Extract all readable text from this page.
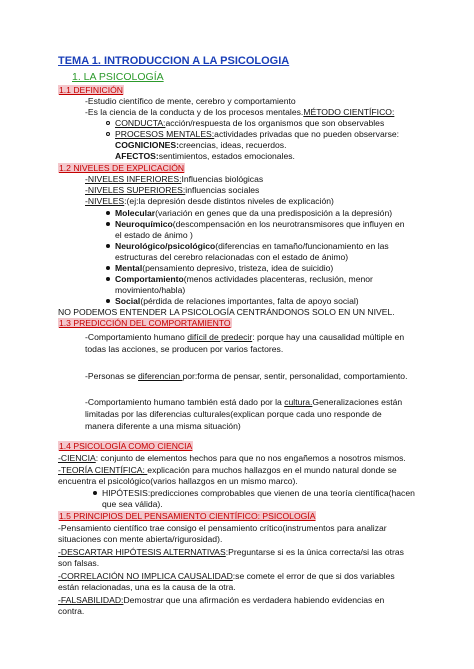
TEMA 1. INTRODUCCION A LA PSICOLOGIA
1. LA PSICOLOGÍA
1.1 DEFINICIÓN
-Estudio científico de mente, cerebro y comportamiento
-Es la ciencia de la conducta y de los procesos mentales.MÉTODO CIENTÍFICO:
CONDUCTA:acción/respuesta de los organismos que son observables
PROCESOS MENTALES:actividades privadas que no pueden observarse:
COGNICIONES:creencias, ideas, recuerdos.
AFECTOS:sentimientos, estados emocionales.
1.2 NIVELES DE EXPLICACIÓN
-NIVELES INFERIORES:Influencias biológicas
-NIVELES SUPERIORES:influencias sociales
-NIVELES:(ej:la depresión desde distintos niveles de explicación)
Molecular(variación en genes que da una predisposición a la depresión)
Neuroquímico(descompensación en los neurotransmisores que influyen en
el estado de ánimo )
Neurológico/psicológico(diferencias en tamaño/funcionamiento en las
estructuras del cerebro relacionadas con el estado de ánimo)
Mental(pensamiento depresivo, tristeza, idea de suicidio)
Comportamiento(menos actividades placenteras, reclusión, menor
movimiento/habla)
Social(pérdida de relaciones importantes, falta de apoyo social)
NO PODEMOS ENTENDER LA PSICOLOGÍA CENTRÁNDONOS SOLO EN UN NIVEL.
1.3 PREDICCIÓN DEL COMPORTAMIENTO
-Comportamiento humano difícil de predecir: porque hay una causalidad múltiple en
todas las acciones, se producen por varios factores.
-Personas se diferencian por:forma de pensar, sentir, personalidad, comportamiento.
-Comportamiento humano también está dado por la cultura.Generalizaciones están
limitadas por las diferencias culturales(explican porque cada uno responde de
manera diferente a una misma situación)
1.4 PSICOLOGÍA COMO CIENCIA
-CIENCIA: conjunto de elementos hechos para que no nos engañemos a nosotros mismos.
-TEORÍA CIENTÍFICA: explicación para muchos hallazgos en el mundo natural donde se
encuentra el psicológico(varios hallazgos en un mismo marco).
HIPÓTESIS:predicciones comprobables que vienen de una teoría científica(hacen
que sea válida).
1.5 PRINCIPIOS DEL PENSAMIENTO CIENTÍFICO: PSICOLOGÍA
-Pensamiento científico trae consigo el pensamiento crítico(instrumentos para analizar
situaciones con mente abierta/rigurosidad).
-DESCARTAR HIPÓTESIS ALTERNATIVAS:Preguntarse si es la única correcta/si las otras
son falsas.
-CORRELACIÓN NO IMPLICA CAUSALIDAD:se comete el error de que si dos variables
están relacionadas, una es la causa de la otra.
-FALSABILIDAD:Demostrar que una afirmación es verdadera habiendo evidencias en
contra.
